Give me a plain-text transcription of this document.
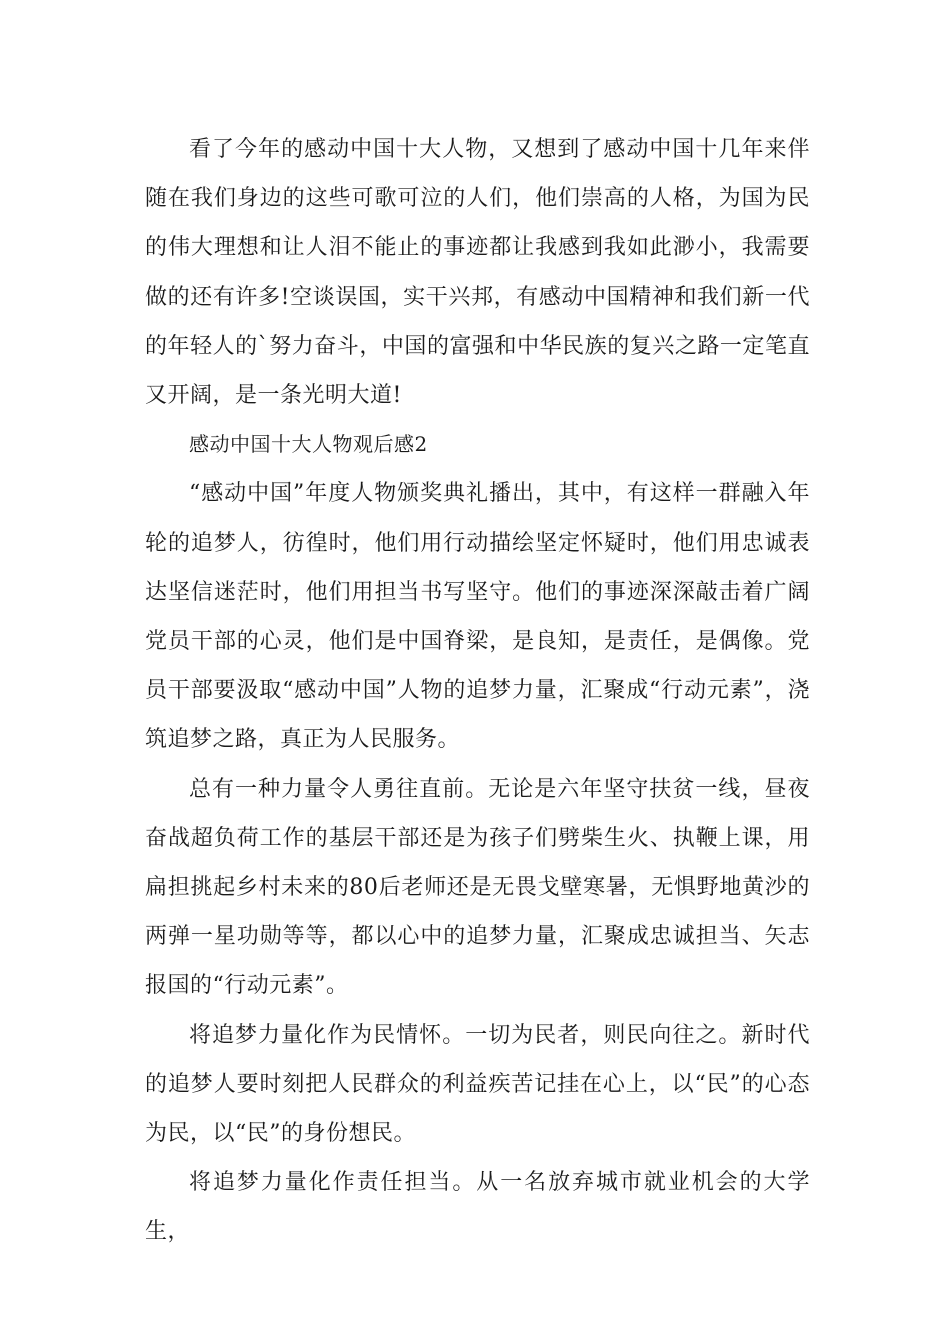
看了今年的感动中国十大人物，又想到了感动中国十几年来伴随在我们身边的这些可歌可泣的人们，他们崇高的人格，为国为民的伟大理想和让人泪不能止的事迹都让我感到我如此渺小，我需要做的还有许多!空谈误国，实干兴邦，有感动中国精神和我们新一代的年轻人的`努力奋斗，中国的富强和中华民族的复兴之路一定笔直又开阔，是一条光明大道!

感动中国十大人物观后感2

“感动中国”年度人物颁奖典礼播出，其中，有这样一群融入年轮的追梦人，彷徨时，他们用行动描绘坚定怀疑时，他们用忠诚表达坚信迷茫时，他们用担当书写坚守。他们的事迹深深敲击着广阔党员干部的心灵，他们是中国脊梁，是良知，是责任，是偶像。党员干部要汲取“感动中国”人物的追梦力量，汇聚成“行动元素”，浇筑追梦之路，真正为人民服务。

总有一种力量令人勇往直前。无论是六年坚守扶贫一线，昼夜奋战超负荷工作的基层干部还是为孩子们劈柴生火、执鞭上课，用扁担挑起乡村未来的80后老师还是无畏戈壁寒暑，无惧野地黄沙的两弹一星功勋等等，都以心中的追梦力量，汇聚成忠诚担当、矢志报国的“行动元素”。

将追梦力量化作为民情怀。一切为民者，则民向往之。新时代的追梦人要时刻把人民群众的利益疾苦记挂在心上，以“民”的心态为民，以“民”的身份想民。

将追梦力量化作责任担当。从一名放弃城市就业机会的大学生，
